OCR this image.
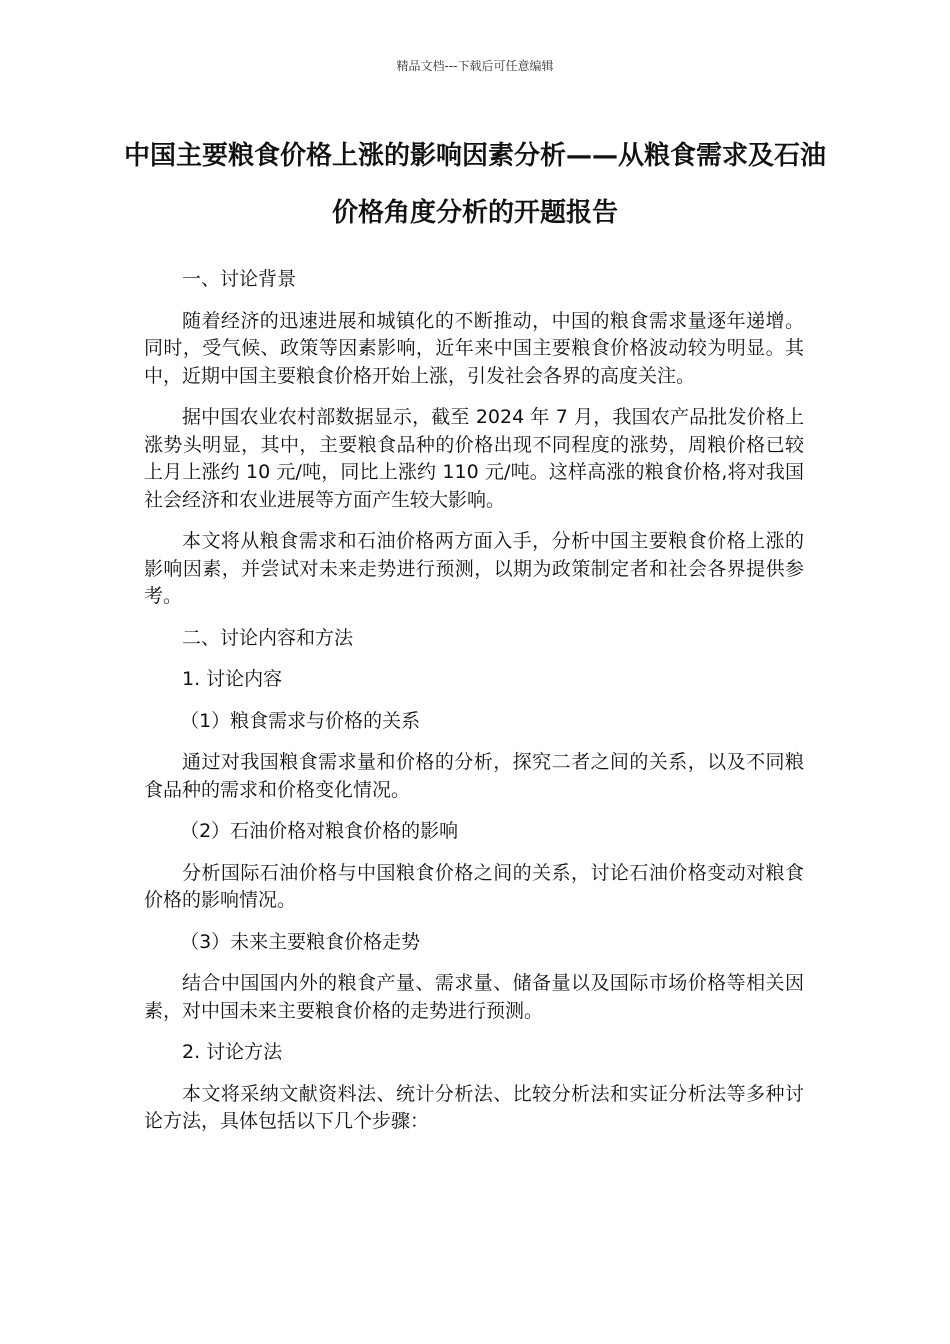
精品文档---下载后可任意编辑
中国主要粮食价格上涨的影响因素分析——从粮食需求及石油价格角度分析的开题报告

一、讨论背景

随着经济的迅速进展和城镇化的不断推动，中国的粮食需求量逐年递增。同时，受气候、政策等因素影响，近年来中国主要粮食价格波动较为明显。其中，近期中国主要粮食价格开始上涨，引发社会各界的高度关注。

据中国农业农村部数据显示，截至 2024 年 7 月，我国农产品批发价格上涨势头明显，其中，主要粮食品种的价格出现不同程度的涨势，周粮价格已较上月上涨约 10 元/吨，同比上涨约 110 元/吨。这样高涨的粮食价格,将对我国社会经济和农业进展等方面产生较大影响。

本文将从粮食需求和石油价格两方面入手，分析中国主要粮食价格上涨的影响因素，并尝试对未来走势进行预测，以期为政策制定者和社会各界提供参考。

二、讨论内容和方法

1. 讨论内容

（1）粮食需求与价格的关系

通过对我国粮食需求量和价格的分析，探究二者之间的关系，以及不同粮食品种的需求和价格变化情况。

（2）石油价格对粮食价格的影响

分析国际石油价格与中国粮食价格之间的关系，讨论石油价格变动对粮食价格的影响情况。

（3）未来主要粮食价格走势

结合中国国内外的粮食产量、需求量、储备量以及国际市场价格等相关因素，对中国未来主要粮食价格的走势进行预测。

2. 讨论方法

本文将采纳文献资料法、统计分析法、比较分析法和实证分析法等多种讨论方法，具体包括以下几个步骤：
